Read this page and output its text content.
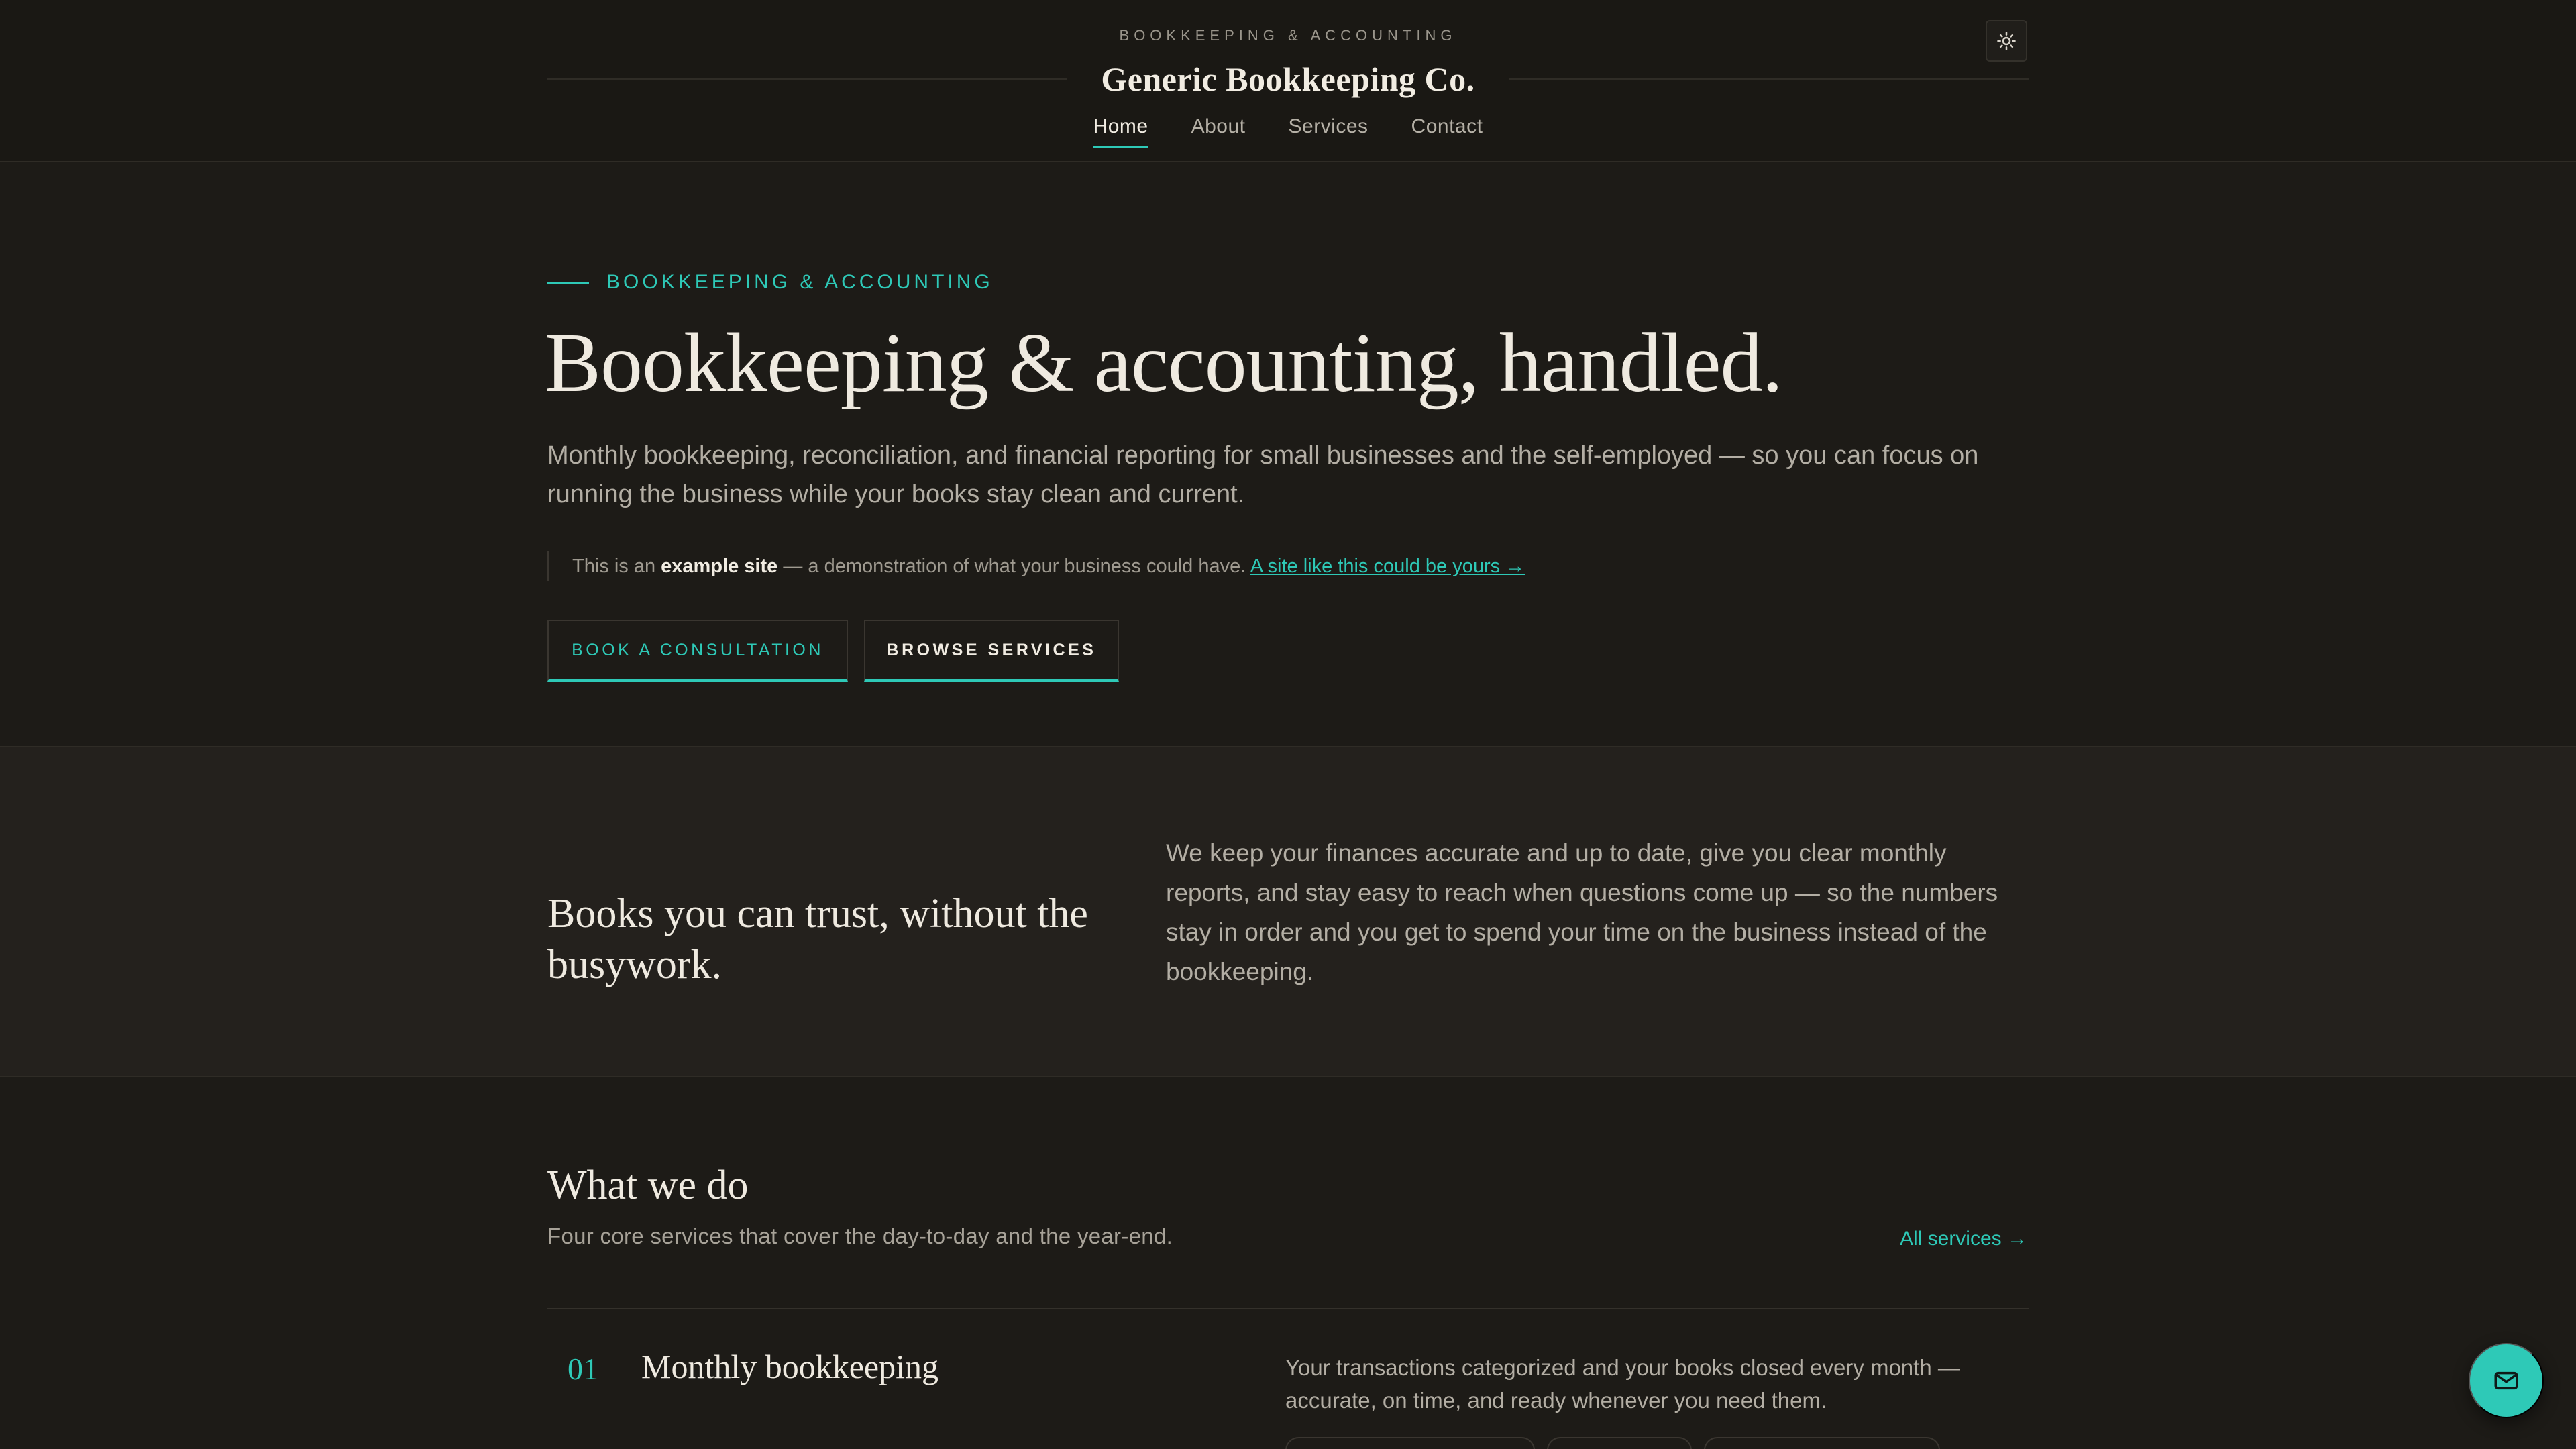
BOOKKEEPING & ACCOUNTING
Generic Bookkeeping Co.
Home About Services Contact
BOOKKEEPING & ACCOUNTING
Bookkeeping & accounting, handled.

Monthly bookkeeping, reconciliation, and financial reporting for small businesses and the self-employed — so you can focus on running the business while your books stay clean and current.

This is an example site — a demonstration of what your business could have. A site like this could be yours →
BOOK A CONSULTATION	BROWSE SERVICES
Books you can trust, without the busywork.

We keep your finances accurate and up to date, give you clear monthly reports, and stay easy to reach when questions come up — so the numbers stay in order and you get to spend your time on the business instead of the bookkeeping.

What we do

Four core services that cover the day-to-day and the year-end.	All services →
01 Monthly bookkeeping	Your transactions categorized and your books closed every month — accurate, on time, and ready whenever you need them.
